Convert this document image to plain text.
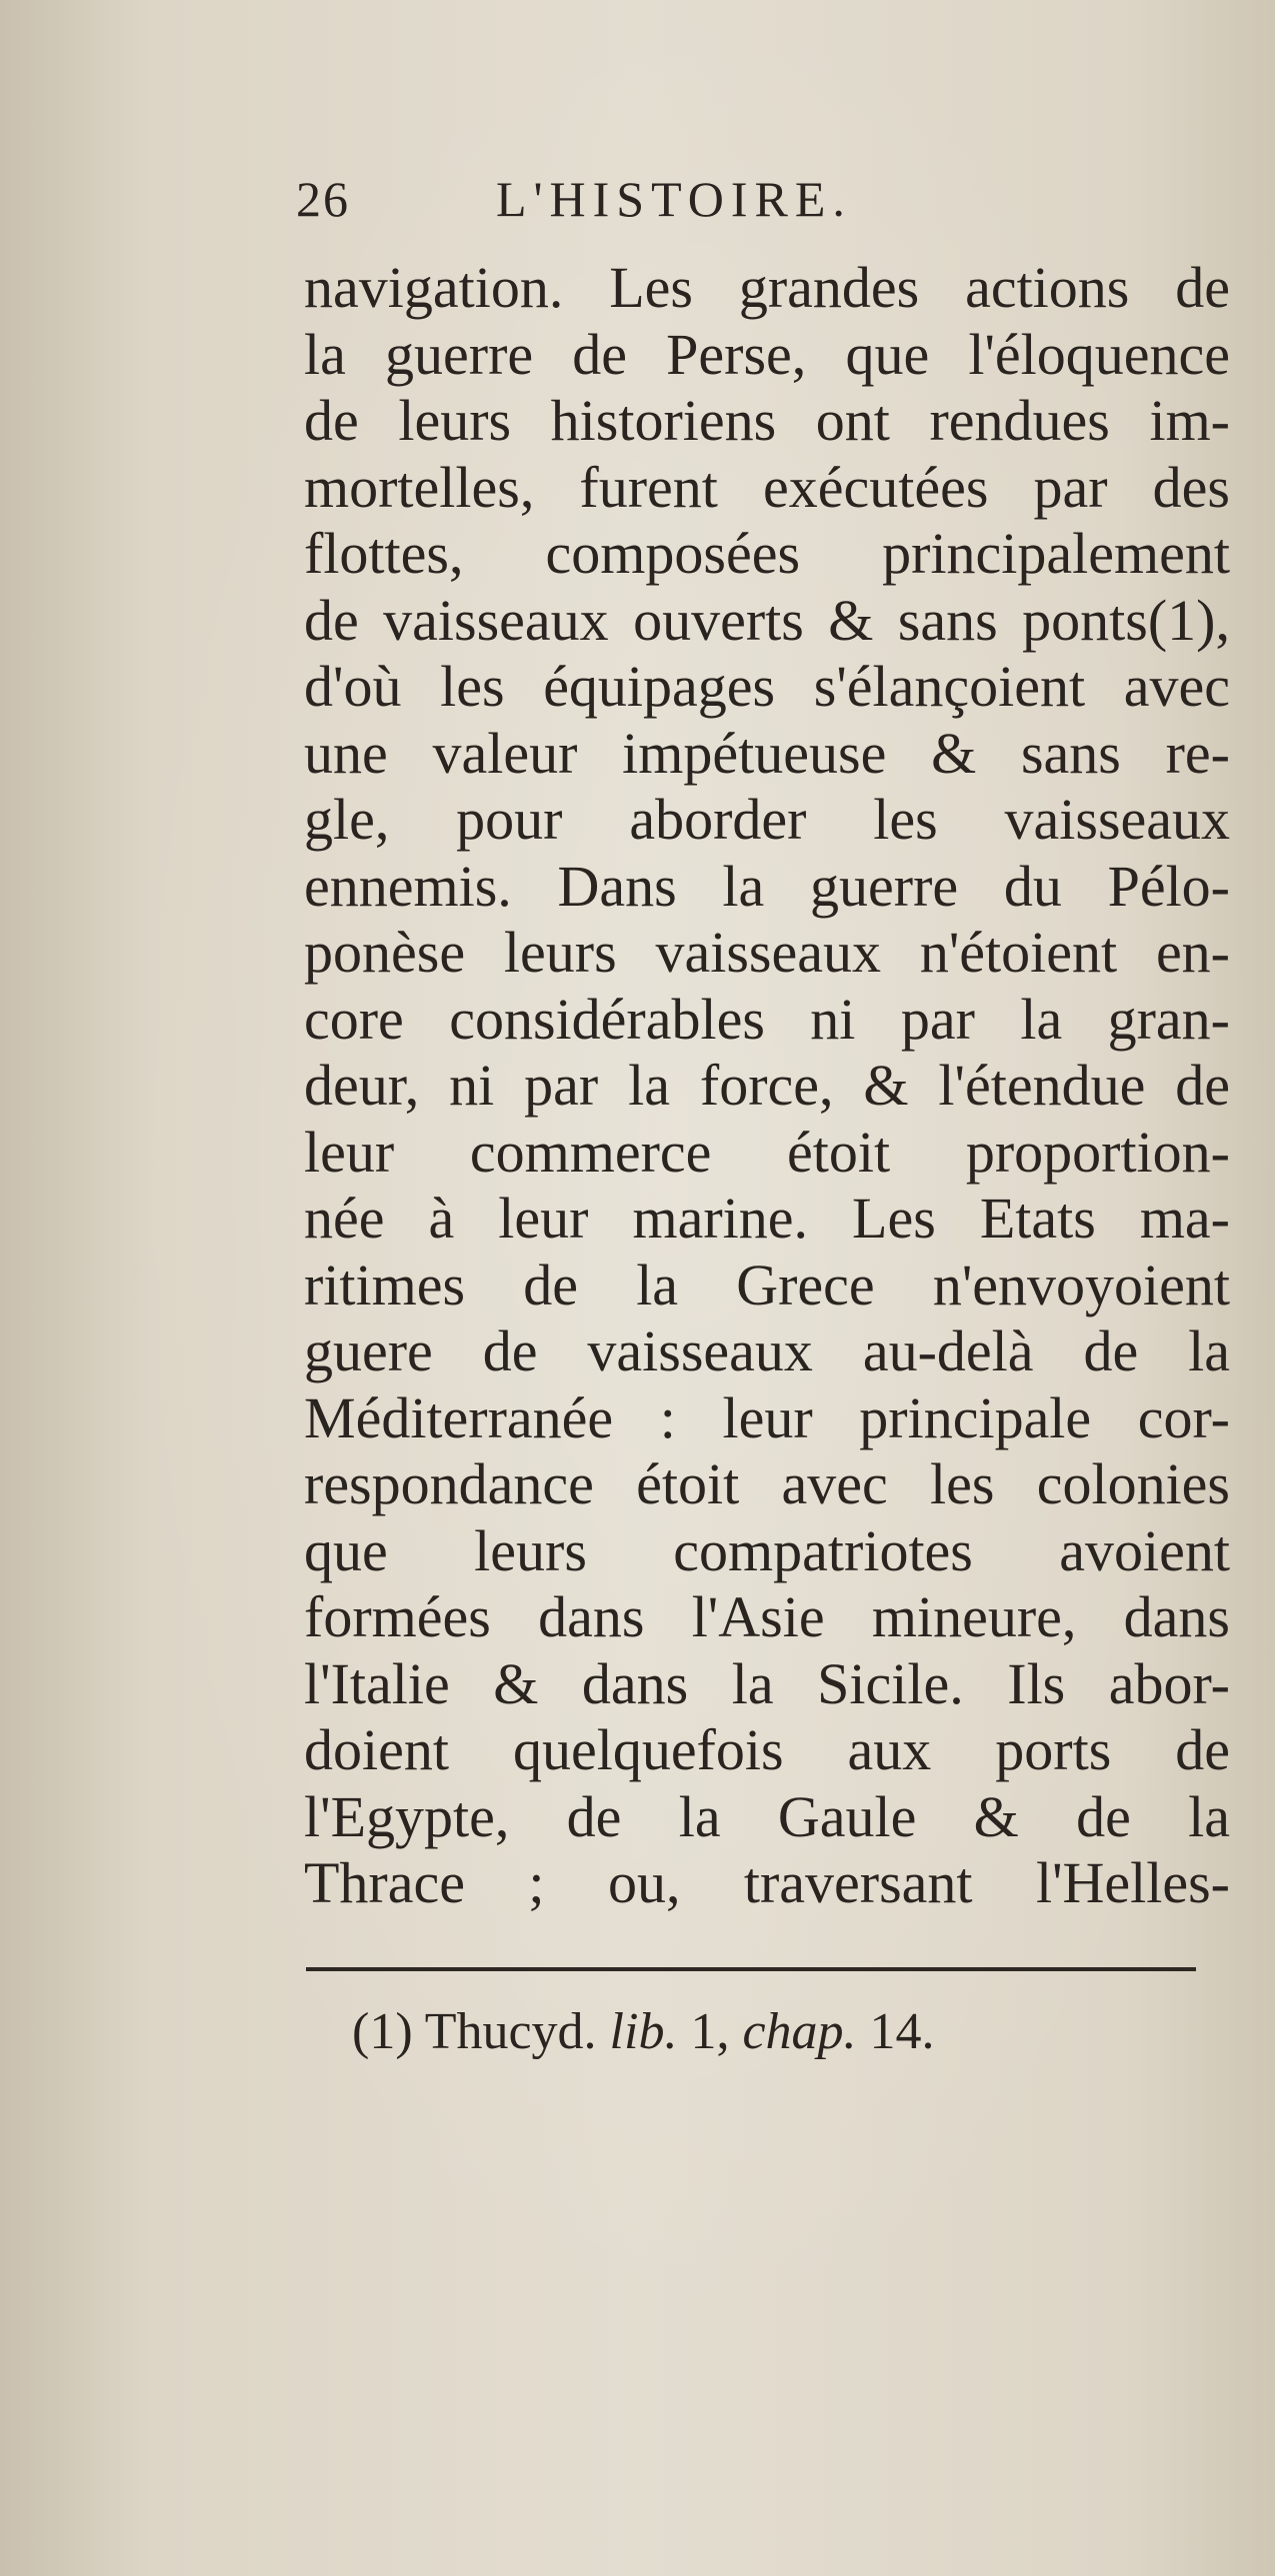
26	L'HISTOIRE.
navigation. Les grandes actions de
la guerre de Perse, que l'éloquence
de leurs historiens ont rendues im-
mortelles, furent exécutées par des
flottes, composées principalement
de vaisseaux ouverts & sans ponts(1),
d'où les équipages s'élançoient avec
une valeur impétueuse & sans re-
gle, pour aborder les vaisseaux
ennemis. Dans la guerre du Pélo-
ponèse leurs vaisseaux n'étoient en-
core considérables ni par la gran-
deur, ni par la force, & l'étendue de
leur commerce étoit proportion-
née à leur marine. Les Etats ma-
ritimes de la Grece n'envoyoient
guere de vaisseaux au-delà de la
Méditerranée : leur principale cor-
respondance étoit avec les colonies
que leurs compatriotes avoient
formées dans l'Asie mineure, dans
l'Italie & dans la Sicile. Ils abor-
doient quelquefois aux ports de
l'Egypte, de la Gaule & de la
Thrace ; ou, traversant l'Helles-
(1) Thucyd. lib. 1, chap. 14.
